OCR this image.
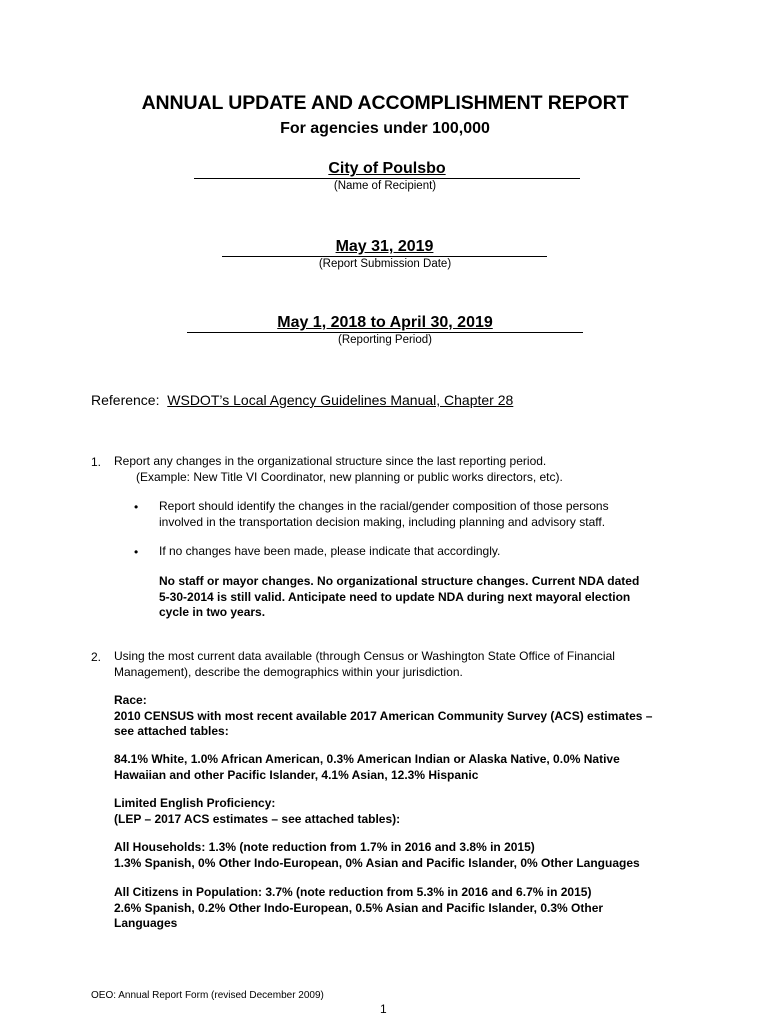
ANNUAL UPDATE AND ACCOMPLISHMENT REPORT
For agencies under 100,000
City of Poulsbo
(Name of Recipient)
May 31, 2019
(Report Submission Date)
May 1, 2018 to April 30, 2019
(Reporting Period)
Reference: WSDOT’s Local Agency Guidelines Manual, Chapter 28
1. Report any changes in the organizational structure since the last reporting period.
(Example: New Title VI Coordinator, new planning or public works directors, etc).
• Report should identify the changes in the racial/gender composition of those persons
involved in the transportation decision making, including planning and advisory staff.
• If no changes have been made, please indicate that accordingly.
No staff or mayor changes. No organizational structure changes. Current NDA dated
5-30-2014 is still valid. Anticipate need to update NDA during next mayoral election
cycle in two years.
2. Using the most current data available (through Census or Washington State Office of Financial
Management), describe the demographics within your jurisdiction.
Race:
2010 CENSUS with most recent available 2017 American Community Survey (ACS) estimates –
see attached tables:
84.1% White, 1.0% African American, 0.3% American Indian or Alaska Native, 0.0% Native
Hawaiian and other Pacific Islander, 4.1% Asian, 12.3% Hispanic
Limited English Proficiency:
(LEP – 2017 ACS estimates – see attached tables):
All Households: 1.3% (note reduction from 1.7% in 2016 and 3.8% in 2015)
1.3% Spanish, 0% Other Indo-European, 0% Asian and Pacific Islander, 0% Other Languages
All Citizens in Population: 3.7% (note reduction from 5.3% in 2016 and 6.7% in 2015)
2.6% Spanish, 0.2% Other Indo-European, 0.5% Asian and Pacific Islander, 0.3% Other
Languages
OEO: Annual Report Form (revised December 2009)
1
